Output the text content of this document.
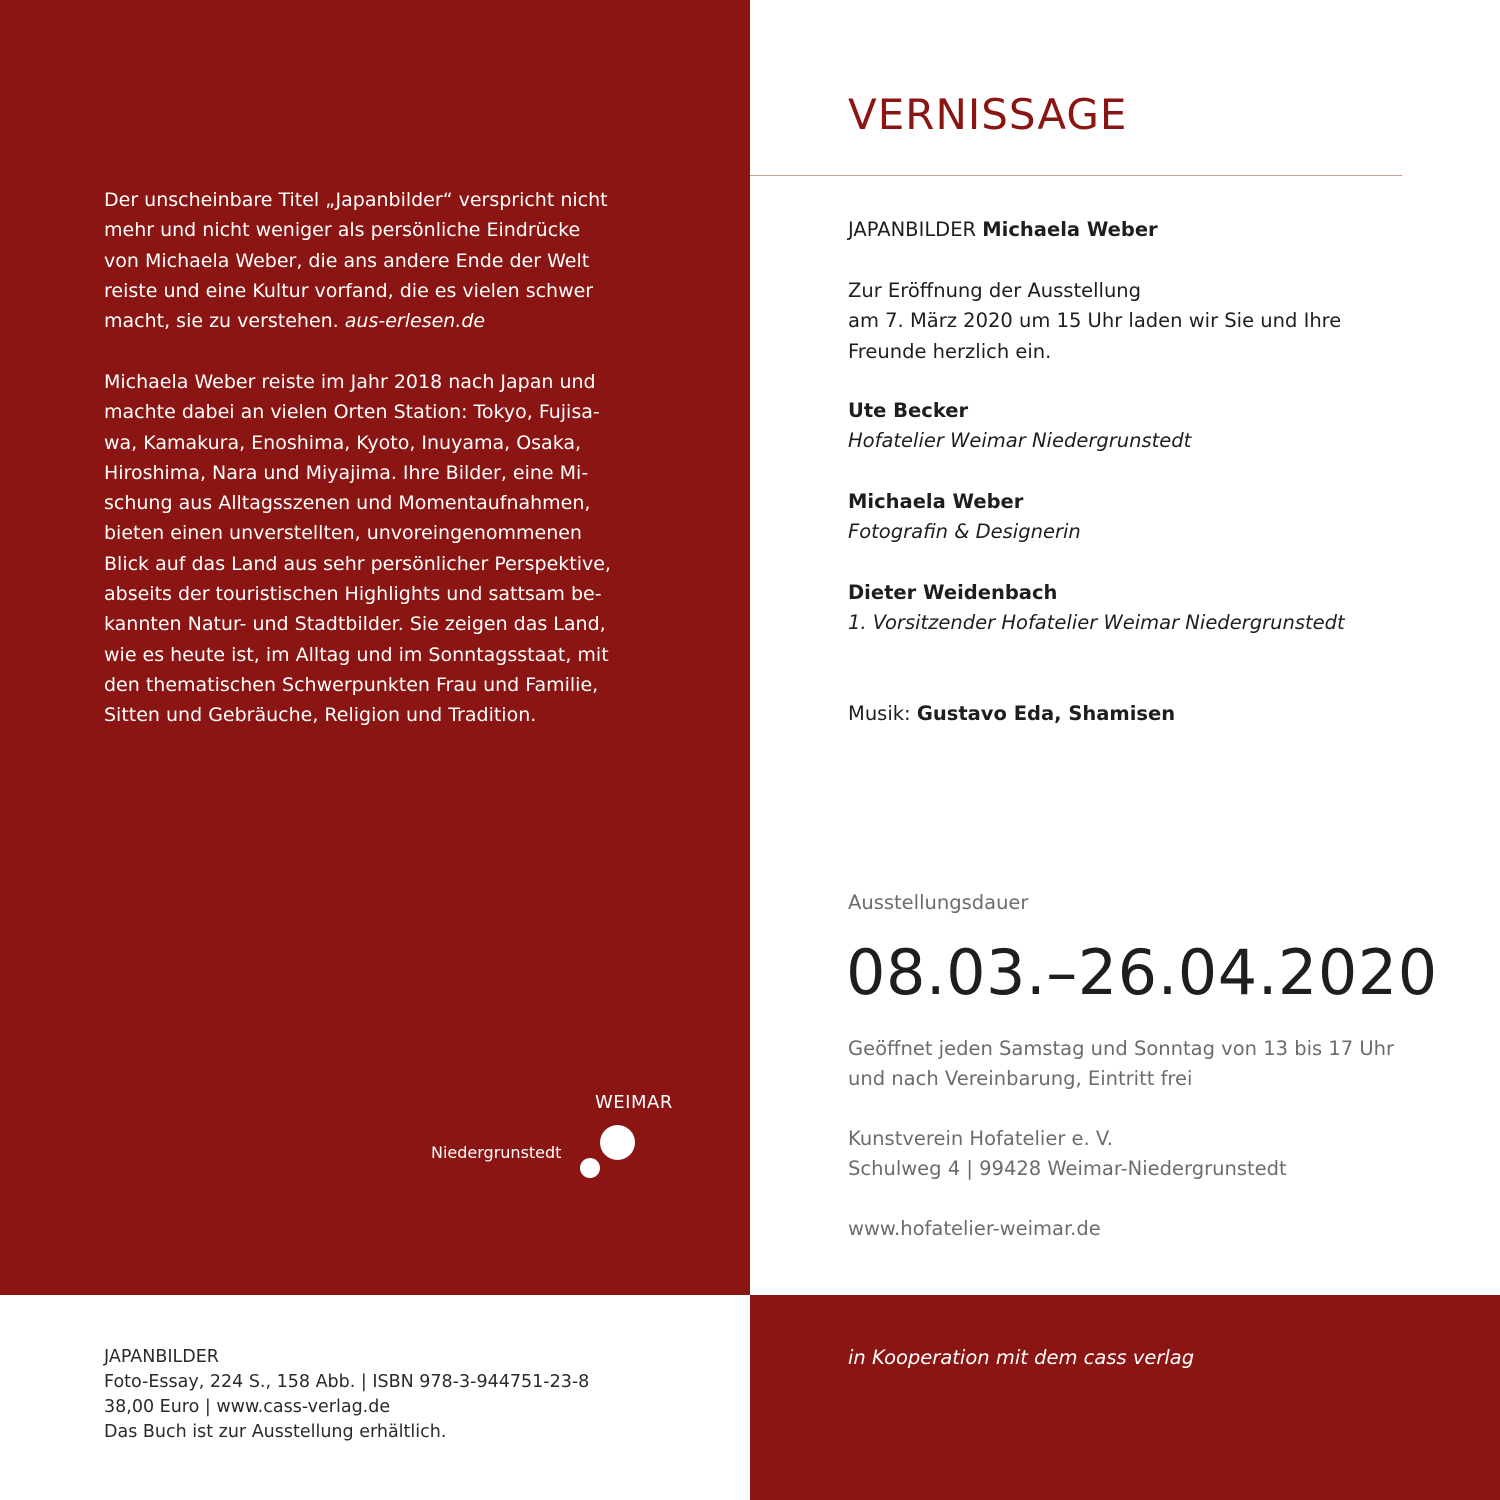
Der unscheinbare Titel „Japanbilder“ verspricht nicht
mehr und nicht weniger als persönliche Eindrücke
von Michaela Weber, die ans andere Ende der Welt
reiste und eine Kultur vorfand, die es vielen schwer
macht, sie zu verstehen. aus-erlesen.de

Michaela Weber reiste im Jahr 2018 nach Japan und
machte dabei an vielen Orten Station: Tokyo, Fujisa-
wa, Kamakura, Enoshima, Kyoto, Inuyama, Osaka,
Hiroshima, Nara und Miyajima. Ihre Bilder, eine Mi-
schung aus Alltagsszenen und Momentaufnahmen,
bieten einen unverstellten, unvoreingenommenen
Blick auf das Land aus sehr persönlicher Perspektive,
abseits der touristischen Highlights und sattsam be-
kannten Natur- und Stadtbilder. Sie zeigen das Land,
wie es heute ist, im Alltag und im Sonntagsstaat, mit
den thematischen Schwerpunkten Frau und Familie,
Sitten und Gebräuche, Religion und Tradition.

WEIMAR
Niedergrunstedt
VERNISSAGE

JAPANBILDER Michaela Weber

Zur Eröffnung der Ausstellung
am 7. März 2020 um 15 Uhr laden wir Sie und Ihre
Freunde herzlich ein.

Ute Becker
Hofatelier Weimar Niedergrunstedt

Michaela Weber
Fotografin & Designerin

Dieter Weidenbach
1. Vorsitzender Hofatelier Weimar Niedergrunstedt

Musik: Gustavo Eda, Shamisen

Ausstellungsdauer

08.03.–26.04.2020

Geöffnet jeden Samstag und Sonntag von 13 bis 17 Uhr
und nach Vereinbarung, Eintritt frei

Kunstverein Hofatelier e. V.
Schulweg 4 | 99428 Weimar-Niedergrunstedt

www.hofatelier-weimar.de

JAPANBILDER
Foto-Essay, 224 S., 158 Abb. | ISBN 978-3-944751-23-8
38,00 Euro | www.cass-verlag.de
Das Buch ist zur Ausstellung erhältlich.

in Kooperation mit dem cass verlag
